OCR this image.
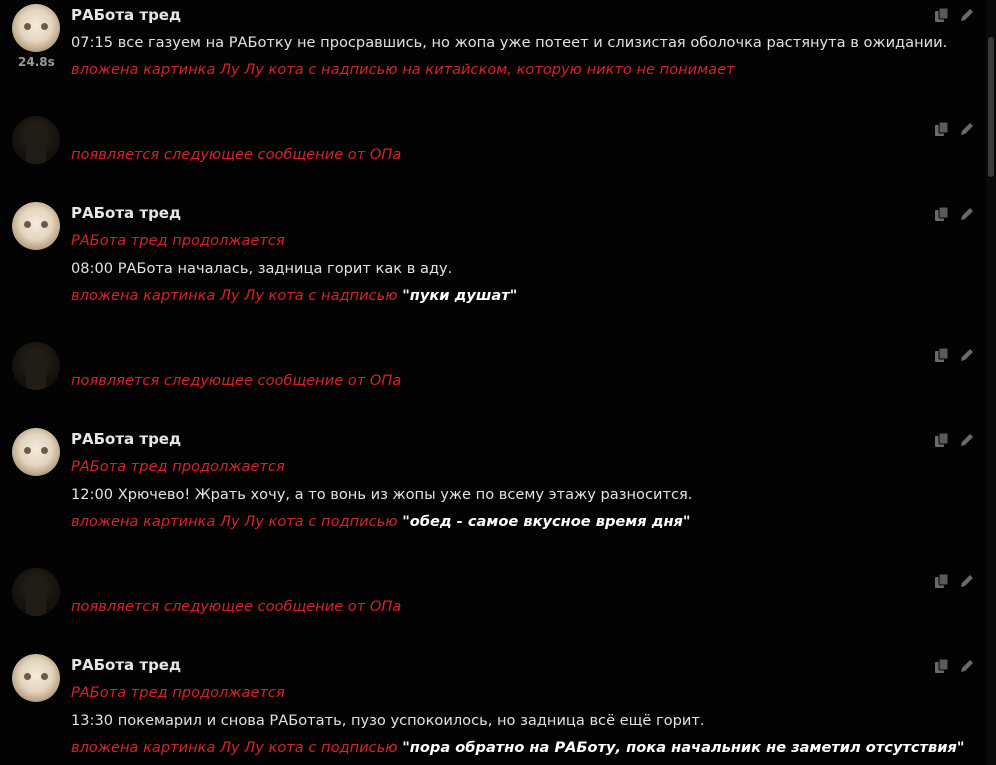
24.8s
РАБота тред
07:15 все газуем на РАБотку не просравшись, но жопа уже потеет и слизистая оболочка растянута в ожидании.
вложена картинка Лу Лу кота с надписью на китайском, которую никто не понимает
появляется следующее сообщение от ОПа
РАБота тред
РАБота тред продолжается
08:00 РАБота началась, задница горит как в аду.
вложена картинка Лу Лу кота с надписью "пуки душат"
появляется следующее сообщение от ОПа
РАБота тред
РАБота тред продолжается
12:00 Хрючево! Жрать хочу, а то вонь из жопы уже по всему этажу разносится.
вложена картинка Лу Лу кота с подписью "обед - самое вкусное время дня"
появляется следующее сообщение от ОПа
РАБота тред
РАБота тред продолжается
13:30 покемарил и снова РАБотать, пузо успокоилось, но задница всё ещё горит.
вложена картинка Лу Лу кота с подписью "пора обратно на РАБоту, пока начальник не заметил отсутствия"
